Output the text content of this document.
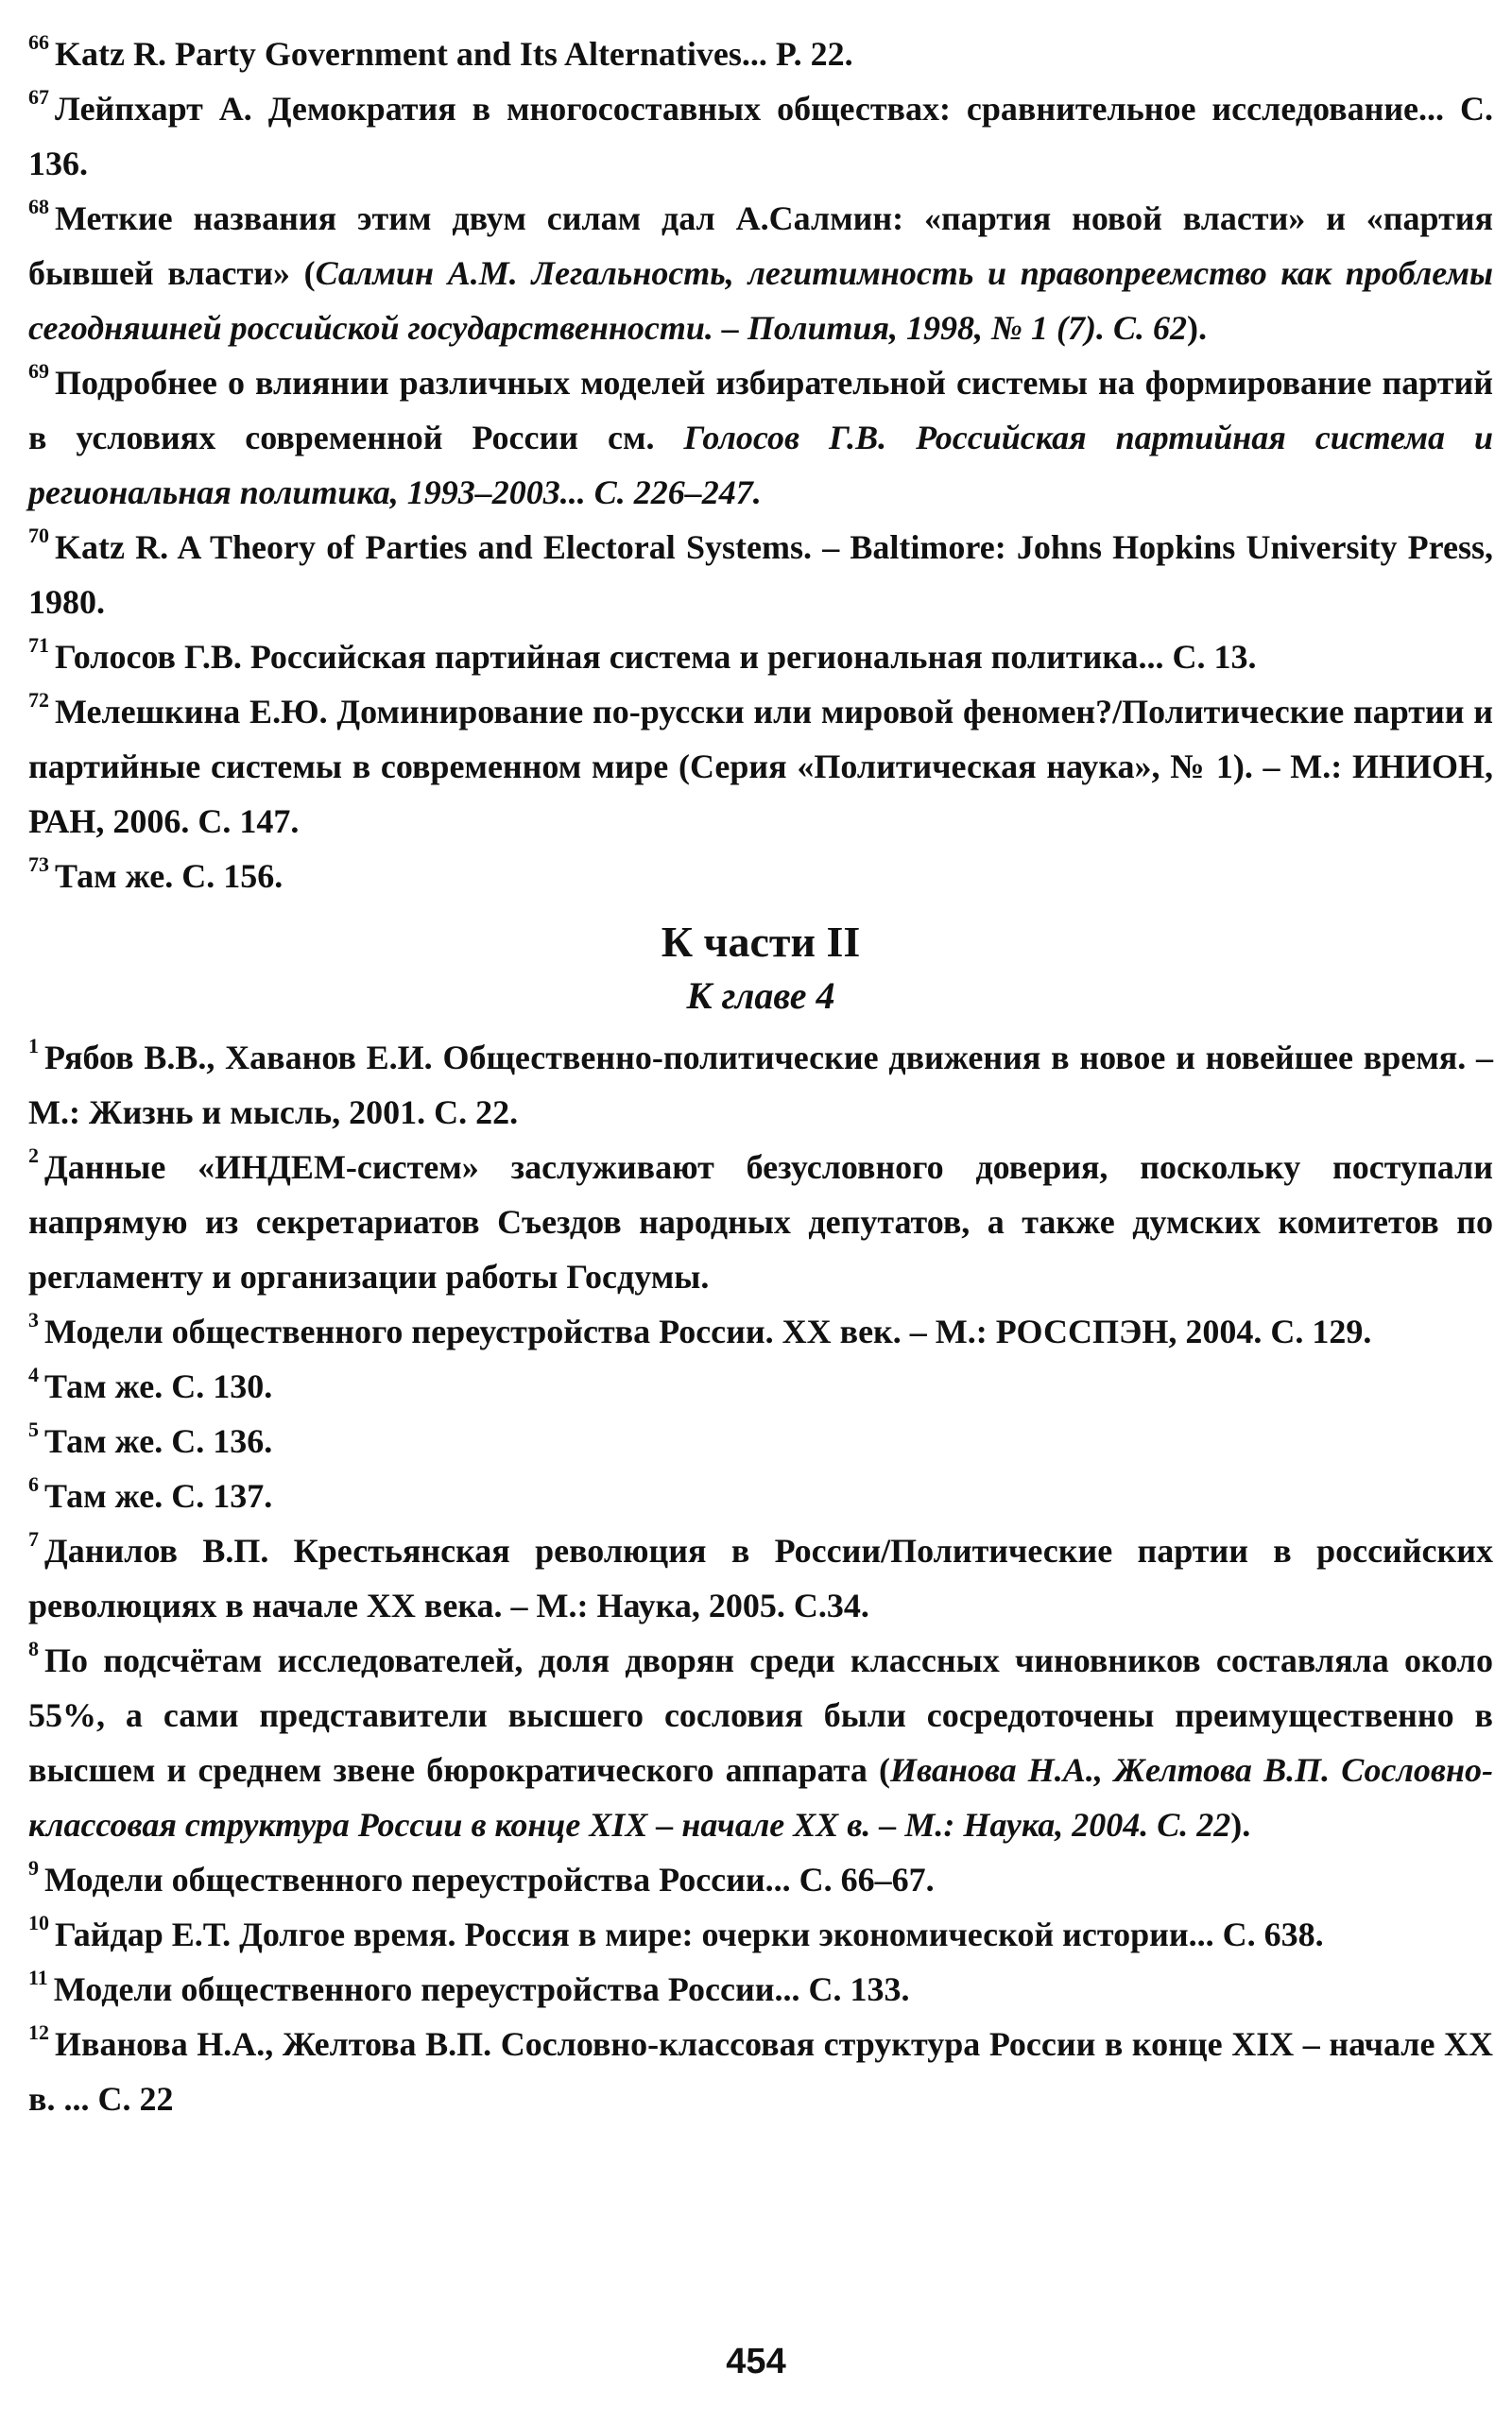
$^{66}$ Katz R. Party Government and Its Alternatives... P. 22.
$^{67}$ Лейпхарт А. Демократия в многосоставных обществах: сравнительное исследование... С. 136.
$^{68}$ Меткие названия этим двум силам дал А.Салмин: «партия новой власти» и «партия бывшей власти» (Салмин А.М. Легальность, легитимность и правопреемство как проблемы сегодняшней российской государственности. – Полития, 1998, № 1 (7). С. 62).
$^{69}$ Подробнее о влиянии различных моделей избирательной системы на формирование партий в условиях современной России см. Голосов Г.В. Российская партийная система и региональная политика, 1993–2003... С. 226–247.
$^{70}$ Katz R. A Theory of Parties and Electoral Systems. – Baltimore: Johns Hopkins University Press, 1980.
$^{71}$ Голосов Г.В. Российская партийная система и региональная политика... С. 13.
$^{72}$ Мелешкина Е.Ю. Доминирование по-русски или мировой феномен?/Политические партии и партийные системы в современном мире (Серия «Политическая наука», № 1). – М.: ИНИОН, РАН, 2006. С. 147.
$^{73}$ Там же. С. 156.
К части II
К главе 4
$^1$ Рябов В.В., Хаванов Е.И. Общественно-политические движения в новое и новейшее время. – М.: Жизнь и мысль, 2001. С. 22.
$^2$ Данные «ИНДЕМ-систем» заслуживают безусловного доверия, поскольку поступали напрямую из секретариатов Съездов народных депутатов, а также думских комитетов по регламенту и организации работы Госдумы.
$^3$ Модели общественного переустройства России. XX век. – М.: РОССПЭН, 2004. С. 129.
$^4$ Там же. С. 130.
$^5$ Там же. С. 136.
$^6$ Там же. С. 137.
$^7$ Данилов В.П. Крестьянская революция в России/Политические партии в российских революциях в начале XX века. – М.: Наука, 2005. С.34.
$^8$ По подсчётам исследователей, доля дворян среди классных чиновников составляла около 55%, а сами представители высшего сословия были сосредоточены преимущественно в высшем и среднем звене бюрократического аппарата (Иванова Н.А., Желтова В.П. Сословно-классовая структура России в конце XIX – начале XX в. – М.: Наука, 2004. С. 22).
$^9$ Модели общественного переустройства России... С. 66–67.
$^{10}$ Гайдар Е.Т. Долгое время. Россия в мире: очерки экономической истории... С. 638.
$^{11}$ Модели общественного переустройства России... С. 133.
$^{12}$ Иванова Н.А., Желтова В.П. Сословно-классовая структура России в конце XIX – начале XX в. ... С. 22
454
